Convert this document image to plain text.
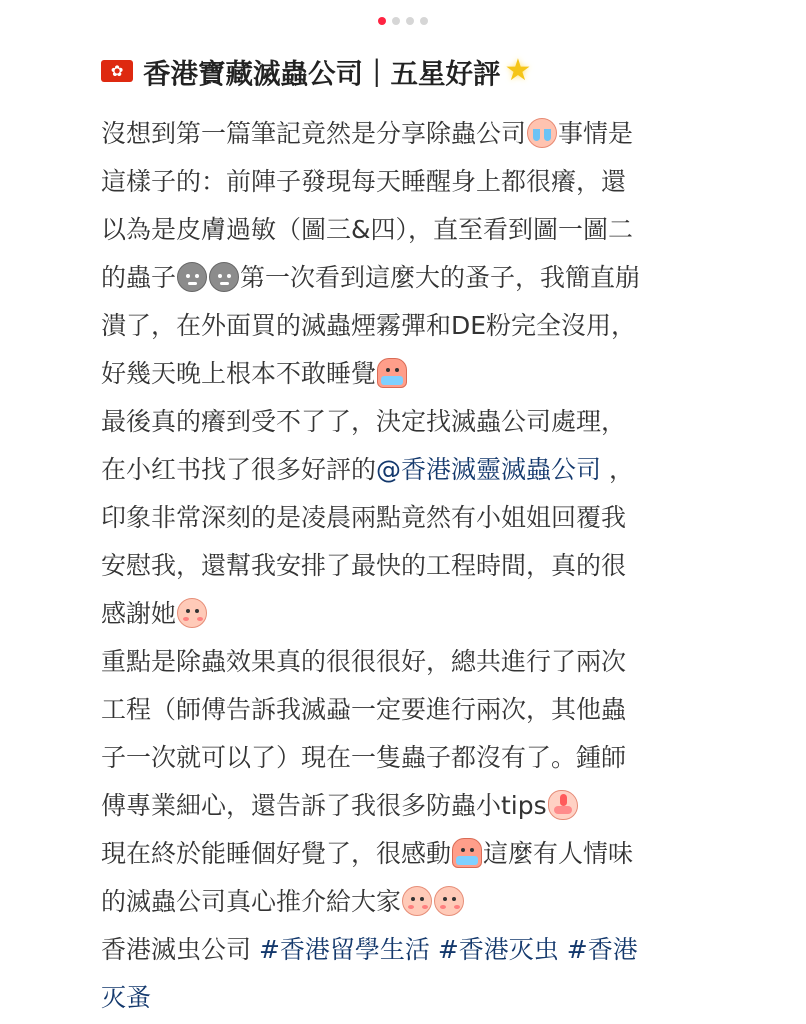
✿
香港寶藏滅蟲公司｜五星好評 ★
沒想到第一篇筆記竟然是分享除蟲公司 事情是
這樣子的：前陣子發現每天睡醒身上都很癢，還
以為是皮膚過敏（圖三&四），直至看到圖一圖二
的蟲子	第一次看到這麼大的蚤子，我簡直崩
潰了，在外面買的滅蟲煙霧彈和DE粉完全沒用，
好幾天晚上根本不敢睡覺
最後真的癢到受不了了，決定找滅蟲公司處理，
在小红书找了很多好評的@香港滅靈滅蟲公司 ，
印象非常深刻的是凌晨兩點竟然有小姐姐回覆我
安慰我，還幫我安排了最快的工程時間，真的很
感謝她
重點是除蟲效果真的很很很好，總共進行了兩次
工程（師傅告訴我滅蝨一定要進行兩次，其他蟲
子一次就可以了）現在一隻蟲子都沒有了。鍾師
傅專業細心，還告訴了我很多防蟲小tips
現在終於能睡個好覺了，很感動 這麼有人情味
的滅蟲公司真心推介給大家
香港滅虫公司 #香港留學生活 #香港灭虫 #香港
灭蚤
